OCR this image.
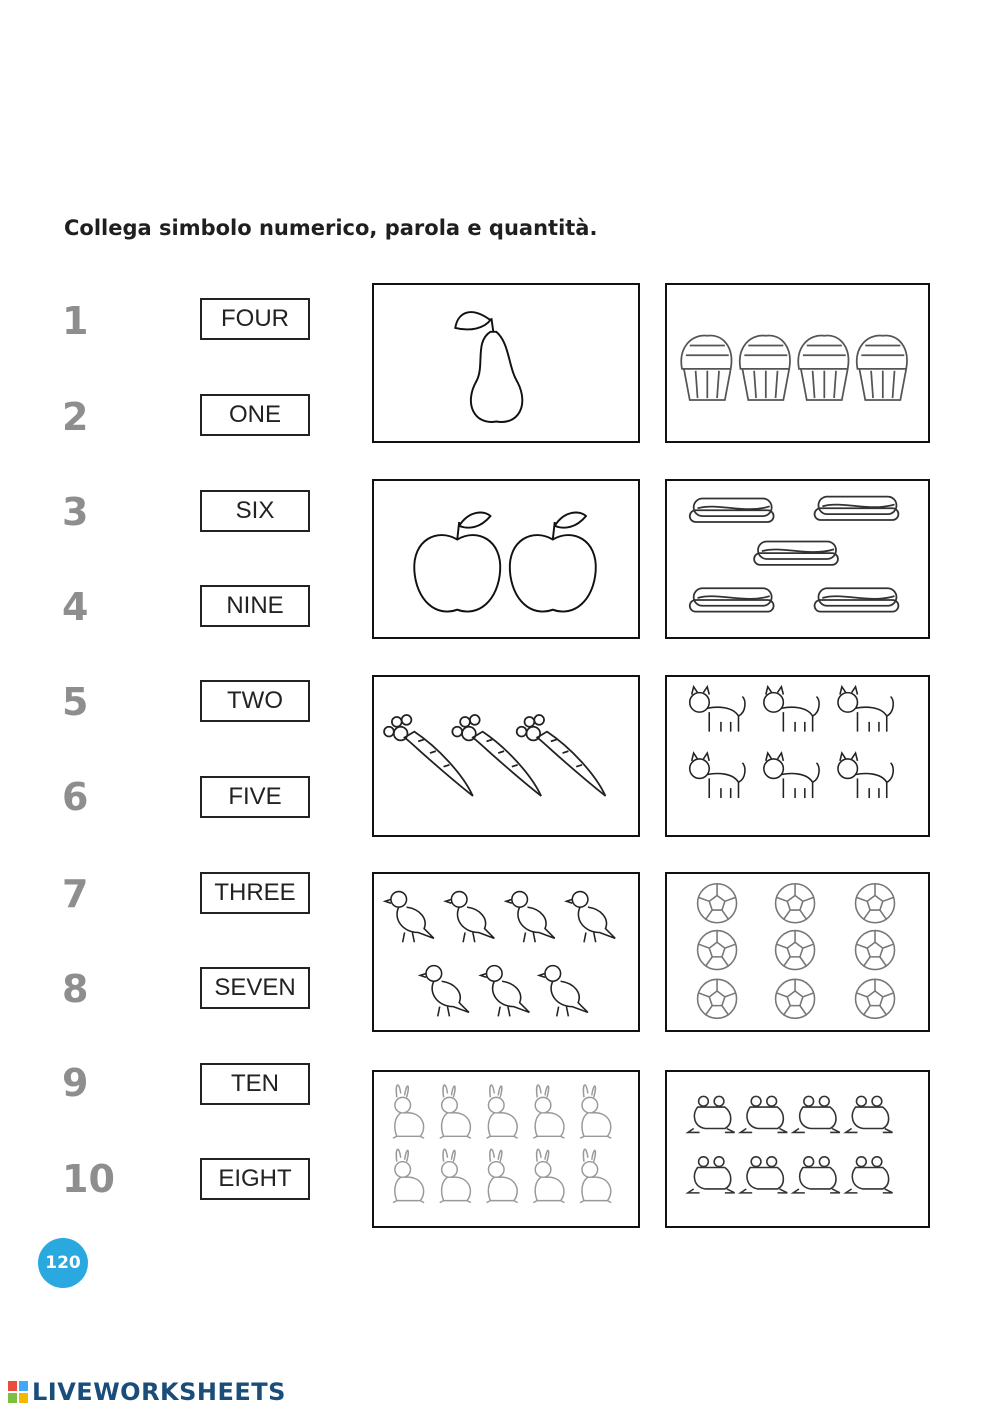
Collega simbolo numerico, parola e quantità.

1
2
3
4
5
6
7
8
9
10
FOUR
ONE
SIX
NINE
TWO
FIVE
THREE
SEVEN
TEN
EIGHT
120
LIVEWORKSHEETS
